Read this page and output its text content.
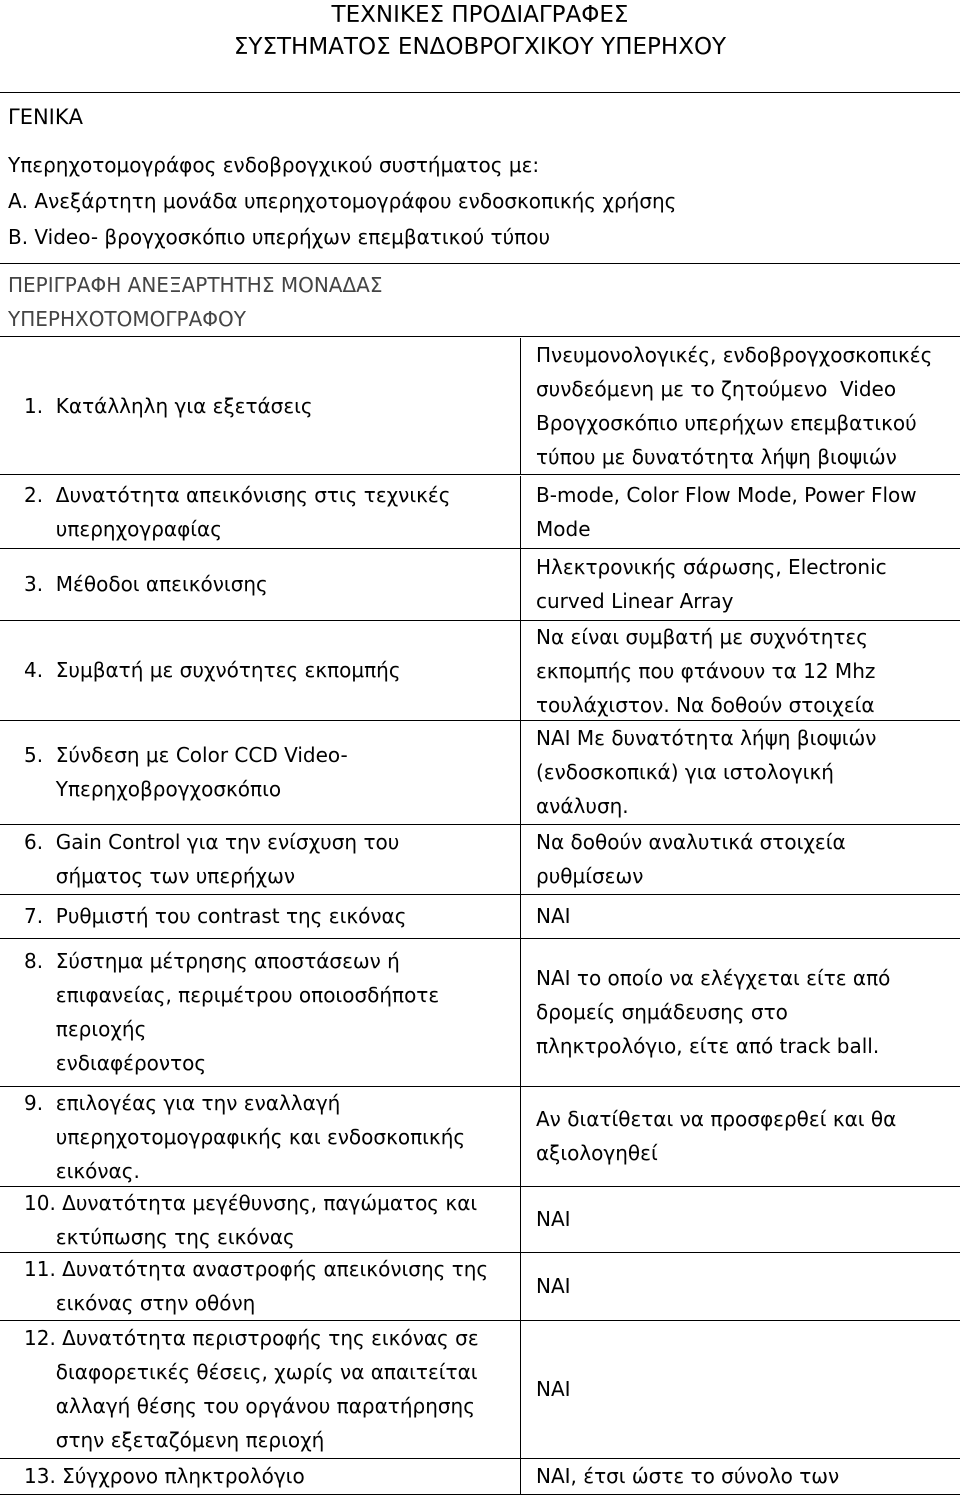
ΤΕΧΝΙΚΕΣ ΠΡΟΔΙΑΓΡΑΦΕΣ
ΣΥΣΤΗΜΑΤΟΣ ΕΝΔΟΒΡΟΓΧΙΚΟΥ ΥΠΕΡΗΧΟΥ
ΓΕΝΙΚΑ
Υπερηχοτομογράφος ενδοβρογχικού συστήματος με:
Α. Ανεξάρτητη μονάδα υπερηχοτομογράφου ενδοσκοπικής χρήσης
Β. Video- βρογχοσκόπιο υπερήχων επεμβατικού τύπου
ΠΕΡΙΓΡΑΦΗ ΑΝΕΞΑΡΤΗΤΗΣ ΜΟΝΑΔΑΣ
ΥΠΕΡΗΧΟΤΟΜΟΓΡΑΦΟΥ
1.  Κατάλληλη για εξετάσεις
Πνευμονολογικές, ενδοβρογχοσκοπικές
συνδεόμενη με το ζητούμενο  Video
Βρογχοσκόπιο υπερήχων επεμβατικού
τύπου με δυνατότητα λήψη βιοψιών
2.  Δυνατότητα απεικόνισης στις τεχνικές
υπερηχογραφίας
B-mode, Color Flow Mode, Power Flow
Mode
3.  Μέθοδοι απεικόνισης
Ηλεκτρονικής σάρωσης, Electronic
curved Linear Array
4.  Συμβατή με συχνότητες εκπομπής
Να είναι συμβατή με συχνότητες
εκπομπής που φτάνουν τα 12 Mhz
τουλάχιστον. Να δοθούν στοιχεία
5.  Σύνδεση με Color CCD Video-
Υπερηχοβρογχοσκόπιο
ΝΑΙ Με δυνατότητα λήψη βιοψιών
(ενδοσκοπικά) για ιστολογική
ανάλυση.
6.  Gain Control για την ενίσχυση του
σήματος των υπερήχων
Να δοθούν αναλυτικά στοιχεία
ρυθμίσεων
7.  Ρυθμιστή του contrast της εικόνας	ΝΑΙ
8.  Σύστημα μέτρησης αποστάσεων ή
επιφανείας, περιμέτρου οποιοσδήποτε
περιοχής
ενδιαφέροντος
ΝΑΙ το οποίο να ελέγχεται είτε από
δρομείς σημάδευσης στο
πληκτρολόγιο, είτε από track ball.
9.  επιλογέας για την εναλλαγή
υπερηχοτομογραφικής και ενδοσκοπικής
εικόνας.
Αν διατίθεται να προσφερθεί και θα
αξιολογηθεί
10. Δυνατότητα μεγέθυνσης, παγώματος και
εκτύπωσης της εικόνας
ΝΑΙ
11. Δυνατότητα αναστροφής απεικόνισης της
εικόνας στην οθόνη
ΝΑΙ
12. Δυνατότητα περιστροφής της εικόνας σε
διαφορετικές θέσεις, χωρίς να απαιτείται
αλλαγή θέσης του οργάνου παρατήρησης
στην εξεταζόμενη περιοχή
ΝΑΙ
13. Σύγχρονο πληκτρολόγιο	ΝΑΙ, έτσι ώστε το σύνολο των
